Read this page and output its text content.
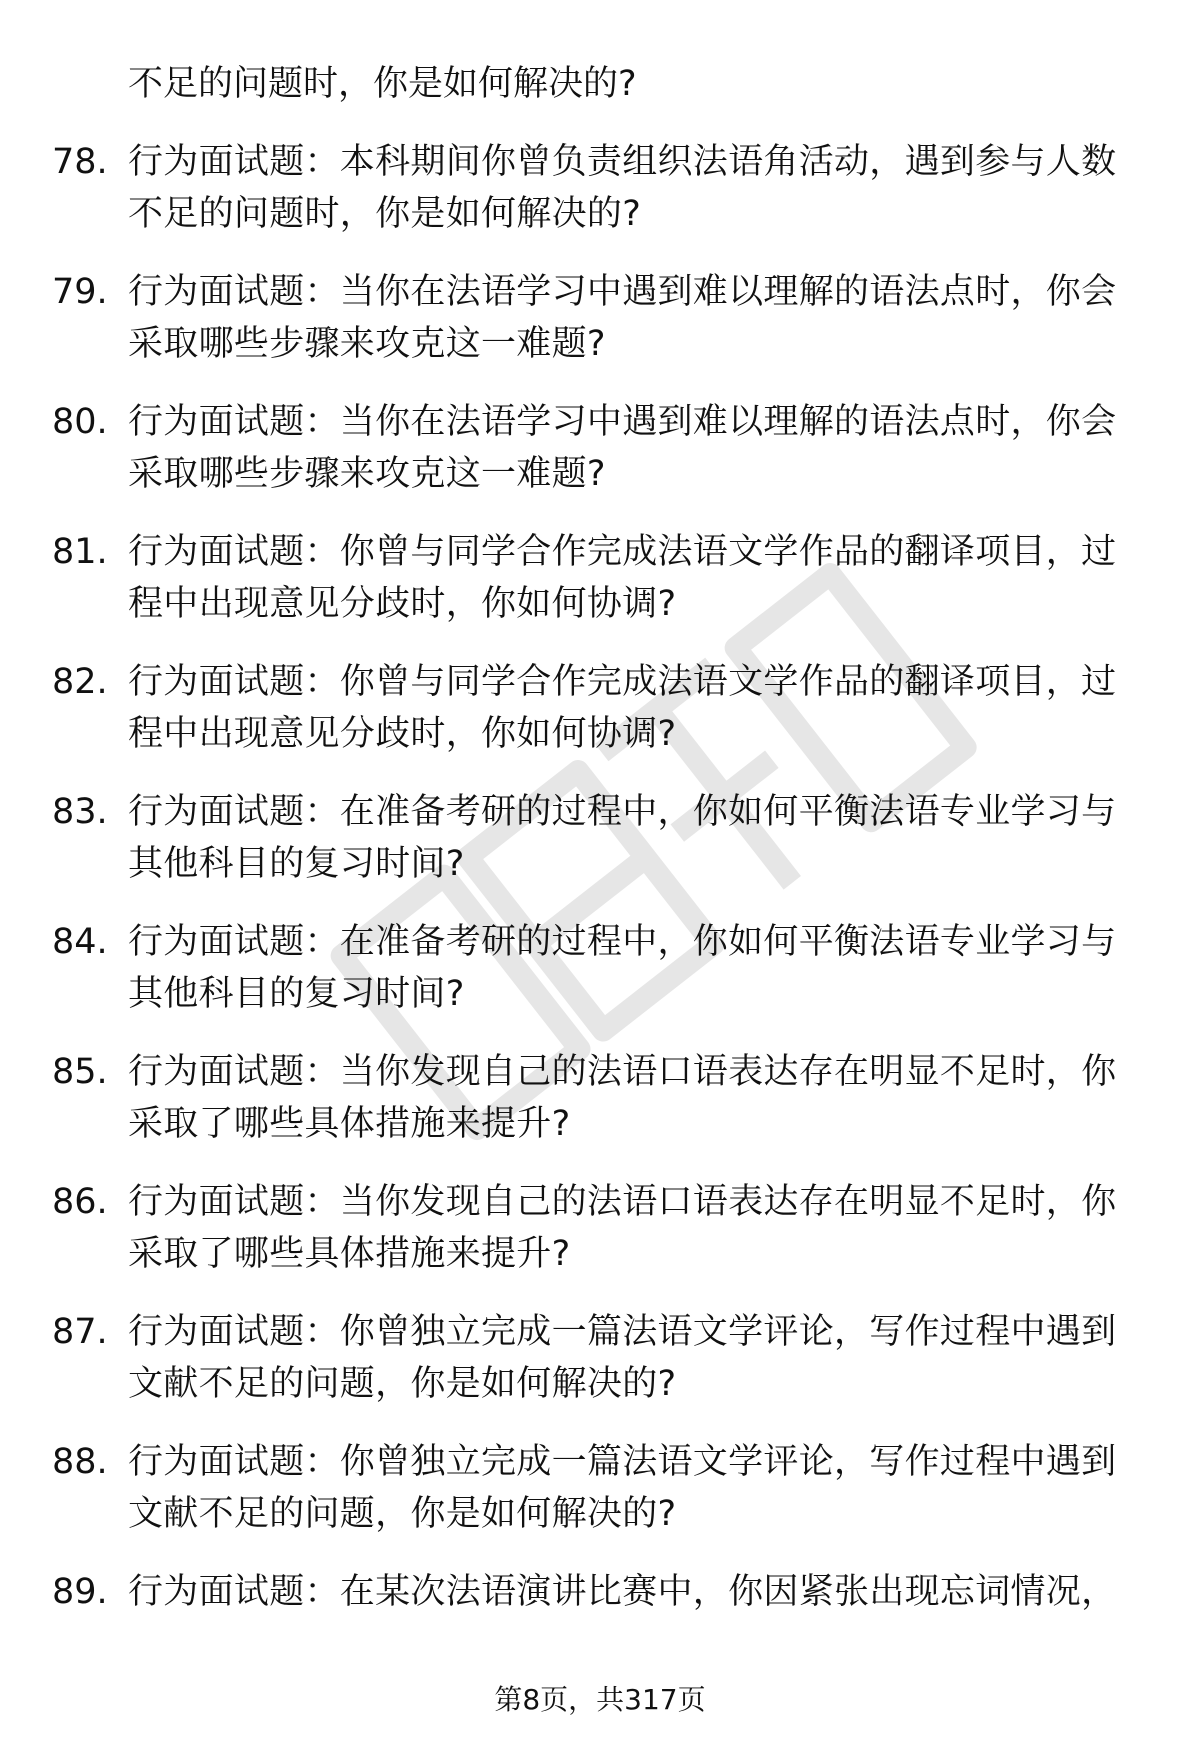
不足的问题时，你是如何解决的?
78. 行为面试题：本科期间你曾负责组织法语角活动，遇到参与人数
不足的问题时，你是如何解决的?
79. 行为面试题：当你在法语学习中遇到难以理解的语法点时，你会
采取哪些步骤来攻克这一难题?
80. 行为面试题：当你在法语学习中遇到难以理解的语法点时，你会
采取哪些步骤来攻克这一难题?
81. 行为面试题：你曾与同学合作完成法语文学作品的翻译项目，过
程中出现意见分歧时，你如何协调?
82. 行为面试题：你曾与同学合作完成法语文学作品的翻译项目，过
程中出现意见分歧时，你如何协调?
83. 行为面试题：在准备考研的过程中，你如何平衡法语专业学习与
其他科目的复习时间?
84. 行为面试题：在准备考研的过程中，你如何平衡法语专业学习与
其他科目的复习时间?
85. 行为面试题：当你发现自己的法语口语表达存在明显不足时，你
采取了哪些具体措施来提升?
86. 行为面试题：当你发现自己的法语口语表达存在明显不足时，你
采取了哪些具体措施来提升?
87. 行为面试题：你曾独立完成一篇法语文学评论，写作过程中遇到
文献不足的问题，你是如何解决的?
88. 行为面试题：你曾独立完成一篇法语文学评论，写作过程中遇到
文献不足的问题，你是如何解决的?
89. 行为面试题：在某次法语演讲比赛中，你因紧张出现忘词情况，
第8页，共317页
